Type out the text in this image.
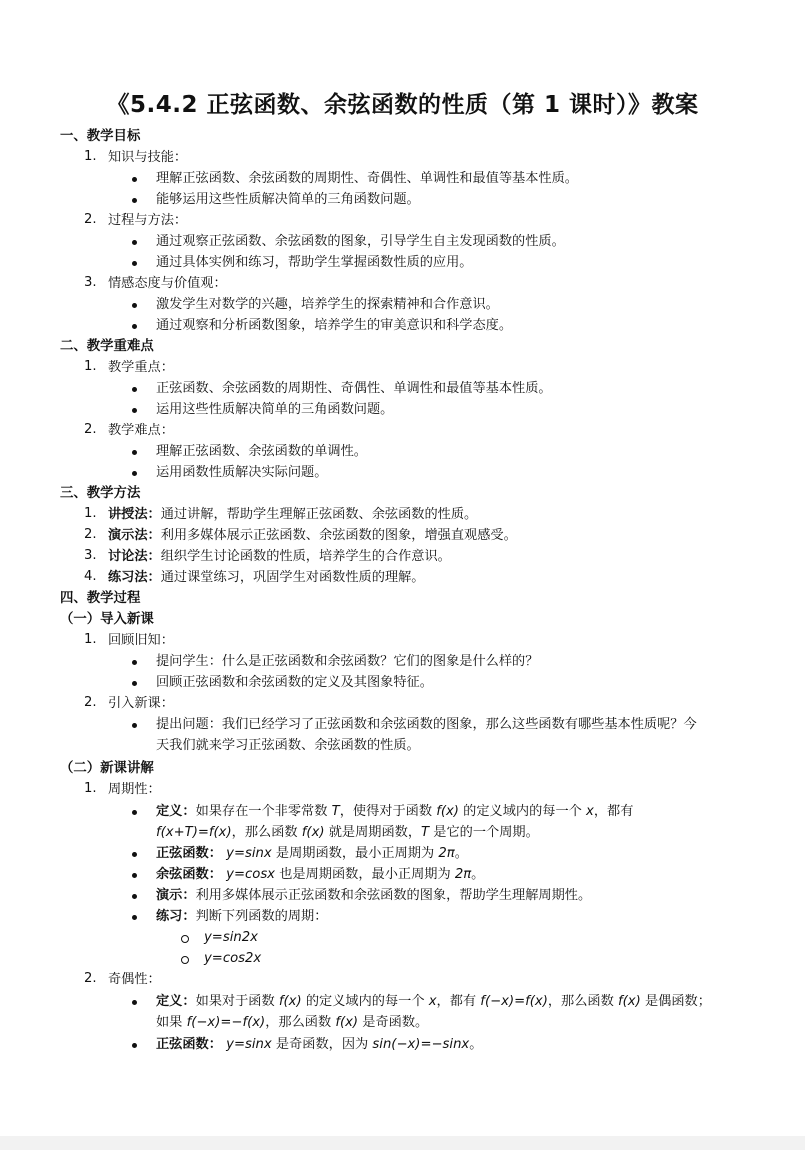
《5.4.2 正弦函数、余弦函数的性质（第 1 课时）》教案
一、教学目标
1. 知识与技能：
理解正弦函数、余弦函数的周期性、奇偶性、单调性和最值等基本性质。
能够运用这些性质解决简单的三角函数问题。
2. 过程与方法：
通过观察正弦函数、余弦函数的图象，引导学生自主发现函数的性质。
通过具体实例和练习，帮助学生掌握函数性质的应用。
3. 情感态度与价值观：
激发学生对数学的兴趣，培养学生的探索精神和合作意识。
通过观察和分析函数图象，培养学生的审美意识和科学态度。
二、教学重难点
1. 教学重点：
正弦函数、余弦函数的周期性、奇偶性、单调性和最值等基本性质。
运用这些性质解决简单的三角函数问题。
2. 教学难点：
理解正弦函数、余弦函数的单调性。
运用函数性质解决实际问题。
三、教学方法
1. 讲授法：通过讲解，帮助学生理解正弦函数、余弦函数的性质。
2. 演示法：利用多媒体展示正弦函数、余弦函数的图象，增强直观感受。
3. 讨论法：组织学生讨论函数的性质，培养学生的合作意识。
4. 练习法：通过课堂练习，巩固学生对函数性质的理解。
四、教学过程
（一）导入新课
1. 回顾旧知：
提问学生：什么是正弦函数和余弦函数？它们的图象是什么样的？
回顾正弦函数和余弦函数的定义及其图象特征。
2. 引入新课：
提出问题：我们已经学习了正弦函数和余弦函数的图象，那么这些函数有哪些基本性质呢？今
天我们就来学习正弦函数、余弦函数的性质。
（二）新课讲解
1. 周期性：
定义：如果存在一个非零常数 T，使得对于函数 f(x) 的定义域内的每一个 x，都有
f(x+T)=f(x)，那么函数 f(x) 就是周期函数，T 是它的一个周期。
正弦函数： y=sinx 是周期函数，最小正周期为 2π。
余弦函数： y=cosx 也是周期函数，最小正周期为 2π。
演示：利用多媒体展示正弦函数和余弦函数的图象，帮助学生理解周期性。
练习：判断下列函数的周期：
y=sin2x
y=cos2x
2. 奇偶性：
定义：如果对于函数 f(x) 的定义域内的每一个 x，都有 f(−x)=f(x)，那么函数 f(x) 是偶函数；
如果 f(−x)=−f(x)，那么函数 f(x) 是奇函数。
正弦函数： y=sinx 是奇函数，因为 sin(−x)=−sinx。
